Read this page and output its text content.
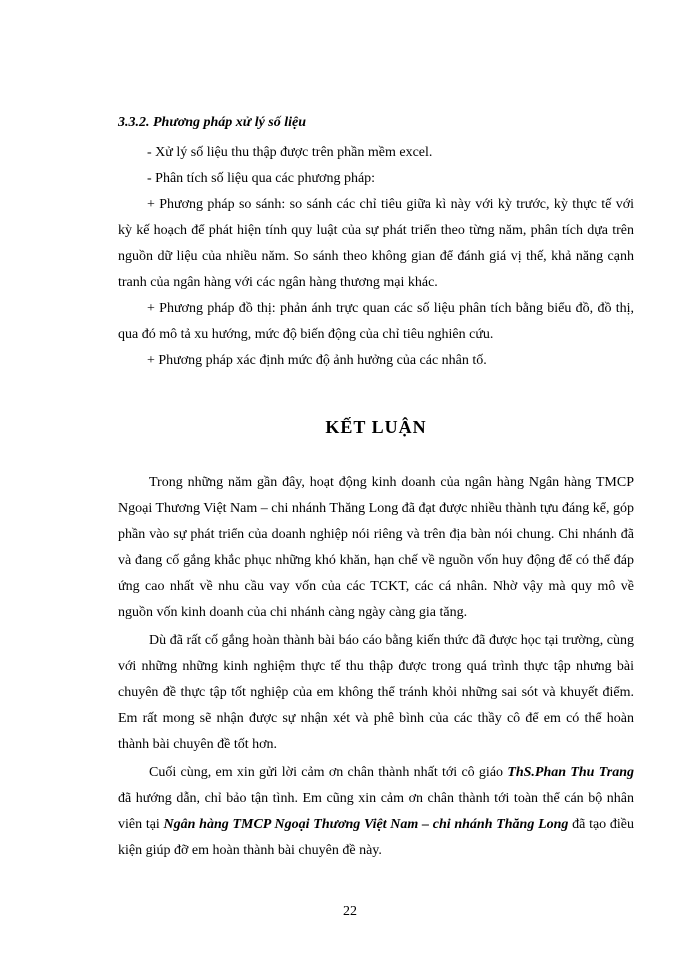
3.3.2. Phương pháp xử lý số liệu

- Xử lý số liệu thu thập được trên phần mềm excel.

- Phân tích số liệu qua các phương pháp:

+ Phương pháp so sánh: so sánh các chỉ tiêu giữa kì này với kỳ trước, kỳ thực tế với kỳ kế hoạch để phát hiện tính quy luật của sự phát triển theo từng năm, phân tích dựa trên nguồn dữ liệu của nhiều năm. So sánh theo không gian để đánh giá vị thế, khả năng cạnh tranh của ngân hàng với các ngân hàng thương mại khác.

+ Phương pháp đồ thị: phản ánh trực quan các số liệu phân tích bằng biểu đồ, đồ thị, qua đó mô tả xu hướng, mức độ biến động của chỉ tiêu nghiên cứu.

+ Phương pháp xác định mức độ ảnh hưởng của các nhân tố.

KẾT LUẬN

Trong những năm gần đây, hoạt động kinh doanh của ngân hàng Ngân hàng TMCP Ngoại Thương Việt Nam – chi nhánh Thăng Long đã đạt được nhiều thành tựu đáng kể, góp phần vào sự phát triển của doanh nghiệp nói riêng và trên địa bàn nói chung. Chi nhánh đã và đang cố gắng khắc phục những khó khăn, hạn chế về nguồn vốn huy động để có thể đáp ứng cao nhất về nhu cầu vay vốn của các TCKT, các cá nhân. Nhờ vậy mà quy mô về nguồn vốn kinh doanh của chi nhánh càng ngày càng gia tăng.

Dù đã rất cố gắng hoàn thành bài báo cáo bằng kiến thức đã được học tại trường, cùng với những những kinh nghiệm thực tế thu thập được trong quá trình thực tập nhưng bài chuyên đề thực tập tốt nghiệp của em không thể tránh khỏi những sai sót và khuyết điểm. Em rất mong sẽ nhận được sự nhận xét và phê bình của các thầy cô để em có thể hoàn thành bài chuyên đề tốt hơn.

Cuối cùng, em xin gửi lời cảm ơn chân thành nhất tới cô giáo ThS.Phan Thu Trang đã hướng dẫn, chỉ bảo tận tình. Em cũng xin cảm ơn chân thành tới toàn thể cán bộ nhân viên tại Ngân hàng TMCP Ngoại Thương Việt Nam – chi nhánh Thăng Long đã tạo điều kiện giúp đỡ em hoàn thành bài chuyên đề này.

22
